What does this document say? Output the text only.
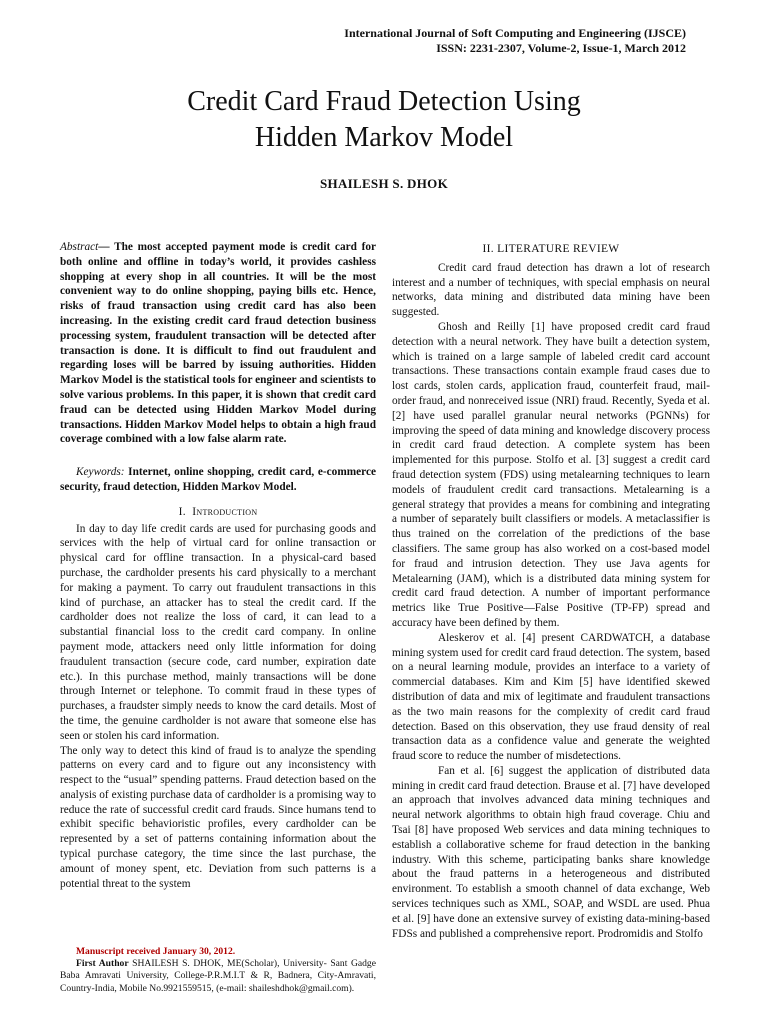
International Journal of Soft Computing and Engineering (IJSCE)
ISSN: 2231-2307, Volume-2, Issue-1, March 2012
Credit Card Fraud Detection Using
Hidden Markov Model
SHAILESH S. DHOK

Abstract— The most accepted payment mode is credit card for both online and offline in today’s world, it provides cashless shopping at every shop in all countries. It will be the most convenient way to do online shopping, paying bills etc. Hence, risks of fraud transaction using credit card has also been increasing. In the existing credit card fraud detection business processing system, fraudulent transaction will be detected after transaction is done. It is difficult to find out fraudulent and regarding loses will be barred by issuing authorities. Hidden Markov Model is the statistical tools for engineer and scientists to solve various problems. In this paper, it is shown that credit card fraud can be detected using Hidden Markov Model during transactions. Hidden Markov Model helps to obtain a high fraud coverage combined with a low false alarm rate.

Keywords: Internet, online shopping, credit card, e-commerce security, fraud detection, Hidden Markov Model.

I. Introduction

In day to day life credit cards are used for purchasing goods and services with the help of virtual card for online transaction or physical card for offline transaction. In a physical-card based purchase, the cardholder presents his card physically to a merchant for making a payment. To carry out fraudulent transactions in this kind of purchase, an attacker has to steal the credit card. If the cardholder does not realize the loss of card, it can lead to a substantial financial loss to the credit card company. In online payment mode, attackers need only little information for doing fraudulent transaction (secure code, card number, expiration date etc.). In this purchase method, mainly transactions will be done through Internet or telephone. To commit fraud in these types of purchases, a fraudster simply needs to know the card details. Most of the time, the genuine cardholder is not aware that someone else has seen or stolen his card information.

The only way to detect this kind of fraud is to analyze the spending patterns on every card and to figure out any inconsistency with respect to the “usual” spending patterns. Fraud detection based on the analysis of existing purchase data of cardholder is a promising way to reduce the rate of successful credit card frauds. Since humans tend to exhibit specific behavioristic profiles, every cardholder can be represented by a set of patterns containing information about the typical purchase category, the time since the last purchase, the amount of money spent, etc. Deviation from such patterns is a potential threat to the system

Manuscript received January 30, 2012.

First Author SHAILESH S. DHOK, ME(Scholar), University- Sant Gadge Baba Amravati University, College-P.R.M.I.T & R, Badnera, City-Amravati, Country-India, Mobile No.9921559515, (e-mail: shaileshdhok@gmail.com).

II. LITERATURE REVIEW

Credit card fraud detection has drawn a lot of research interest and a number of techniques, with special emphasis on neural networks, data mining and distributed data mining have been suggested.

Ghosh and Reilly [1] have proposed credit card fraud detection with a neural network. They have built a detection system, which is trained on a large sample of labeled credit card account transactions. These transactions contain example fraud cases due to lost cards, stolen cards, application fraud, counterfeit fraud, mail-order fraud, and nonreceived issue (NRI) fraud. Recently, Syeda et al. [2] have used parallel granular neural networks (PGNNs) for improving the speed of data mining and knowledge discovery process in credit card fraud detection. A complete system has been implemented for this purpose. Stolfo et al. [3] suggest a credit card fraud detection system (FDS) using metalearning techniques to learn models of fraudulent credit card transactions. Metalearning is a general strategy that provides a means for combining and integrating a number of separately built classifiers or models. A metaclassifier is thus trained on the correlation of the predictions of the base classifiers. The same group has also worked on a cost-based model for fraud and intrusion detection. They use Java agents for Metalearning (JAM), which is a distributed data mining system for credit card fraud detection. A number of important performance metrics like True Positive—False Positive (TP-FP) spread and accuracy have been defined by them.

Aleskerov et al. [4] present CARDWATCH, a database mining system used for credit card fraud detection. The system, based on a neural learning module, provides an interface to a variety of commercial databases. Kim and Kim [5] have identified skewed distribution of data and mix of legitimate and fraudulent transactions as the two main reasons for the complexity of credit card fraud detection. Based on this observation, they use fraud density of real transaction data as a confidence value and generate the weighted fraud score to reduce the number of misdetections.

Fan et al. [6] suggest the application of distributed data mining in credit card fraud detection. Brause et al. [7] have developed an approach that involves advanced data mining techniques and neural network algorithms to obtain high fraud coverage. Chiu and Tsai [8] have proposed Web services and data mining techniques to establish a collaborative scheme for fraud detection in the banking industry. With this scheme, participating banks share knowledge about the fraud patterns in a heterogeneous and distributed environment. To establish a smooth channel of data exchange, Web services techniques such as XML, SOAP, and WSDL are used. Phua et al. [9] have done an extensive survey of existing data-mining-based FDSs and published a comprehensive report. Prodromidis and Stolfo
